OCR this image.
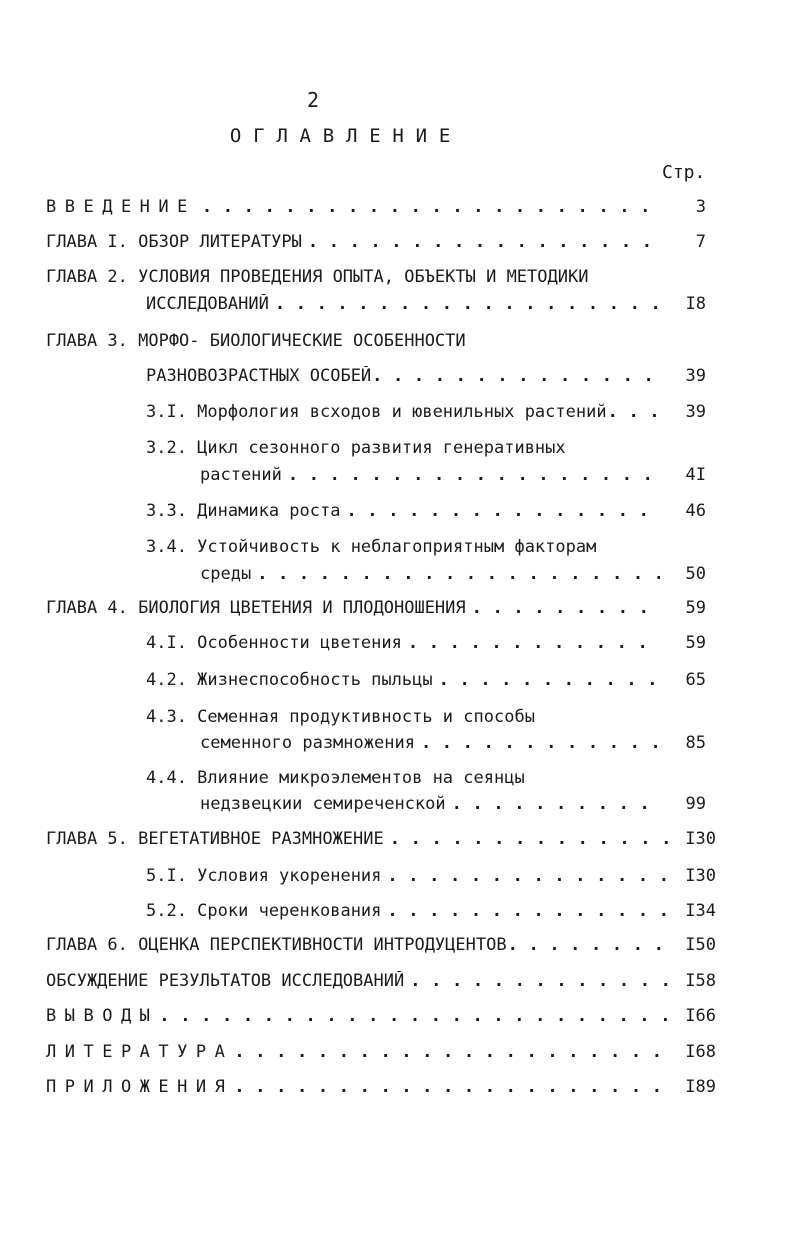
2
ОГЛАВЛЕНИЕ
Стр.
ВВЕДЕНИЕ . . .	3
ГЛАВА I. ОБЗОР ЛИТЕРАТУРЫ . . .	7
ГЛАВА 2. УСЛОВИЯ ПРОВЕДЕНИЯ ОПЫТА, ОБЪЕКТЫ И МЕТОДИКИ
ИССЛЕДОВАНИЙ . . .	I8
ГЛАВА 3. МОРФО- БИОЛОГИЧЕСКИЕ ОСОБЕННОСТИ
РАЗНОВОЗРАСТНЫХ ОСОБЕЙ . . .	39
3.I. Морфология всходов и ювенильных растений . . .	39
3.2. Цикл сезонного развития генеративных
растений . . .	4I
3.3. Динамика роста . . .	46
3.4. Устойчивость к неблагоприятным факторам
среды . . .	50
ГЛАВА 4. БИОЛОГИЯ ЦВЕТЕНИЯ И ПЛОДОНОШЕНИЯ . . .	59
4.I. Особенности цветения . . .	59
4.2. Жизнеспособность пыльцы . . .	65
4.3. Семенная продуктивность и способы
семенного размножения . . .	85
4.4. Влияние микроэлементов на сеянцы
недзвецкии семиреченской . . .	99
ГЛАВА 5. ВЕГЕТАТИВНОЕ РАЗМНОЖЕНИЕ . . .	I30
5.I. Условия укоренения . . .	I30
5.2. Сроки черенкования . . .	I34
ГЛАВА 6. ОЦЕНКА ПЕРСПЕКТИВНОСТИ ИНТРОДУЦЕНТОВ . . .	I50
ОБСУЖДЕНИЕ РЕЗУЛЬТАТОВ ИССЛЕДОВАНИЙ . . .	I58
ВЫВОДЫ . . .	I66
ЛИТЕРАТУРА . . .	I68
ПРИЛОЖЕНИЯ . . .	I89
